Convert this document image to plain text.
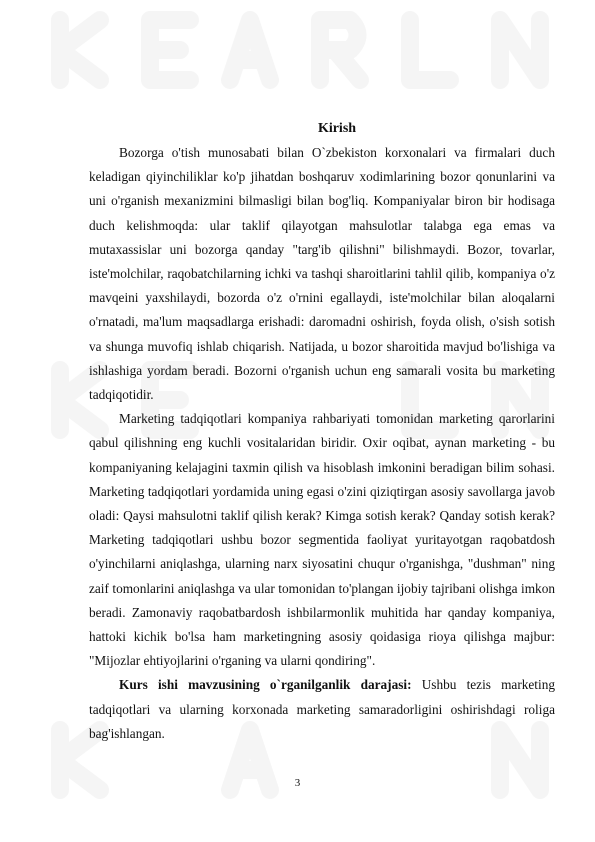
Kirish

Bozorga o'tish munosabati bilan O`zbekiston korxonalari va firmalari duch keladigan qiyinchiliklar ko'p jihatdan boshqaruv xodimlarining bozor qonunlarini va uni o'rganish mexanizmini bilmasligi bilan bog'liq. Kompaniyalar biron bir hodisaga duch kelishmoqda: ular taklif qilayotgan mahsulotlar talabga ega emas va mutaxassislar uni bozorga qanday "targ'ib qilishni" bilishmaydi. Bozor, tovarlar, iste'molchilar, raqobatchilarning ichki va tashqi sharoitlarini tahlil qilib, kompaniya o'z mavqeini yaxshilaydi, bozorda o'z o'rnini egallaydi, iste'molchilar bilan aloqalarni o'rnatadi, ma'lum maqsadlarga erishadi: daromadni oshirish, foyda olish, o'sish sotish va shunga muvofiq ishlab chiqarish. Natijada, u bozor sharoitida mavjud bo'lishiga va ishlashiga yordam beradi. Bozorni o'rganish uchun eng samarali vosita bu marketing tadqiqotidir.

Marketing tadqiqotlari kompaniya rahbariyati tomonidan marketing qarorlarini qabul qilishning eng kuchli vositalaridan biridir. Oxir oqibat, aynan marketing - bu kompaniyaning kelajagini taxmin qilish va hisoblash imkonini beradigan bilim sohasi. Marketing tadqiqotlari yordamida uning egasi o'zini qiziqtirgan asosiy savollarga javob oladi: Qaysi mahsulotni taklif qilish kerak? Kimga sotish kerak? Qanday sotish kerak? Marketing tadqiqotlari ushbu bozor segmentida faoliyat yuritayotgan raqobatdosh o'yinchilarni aniqlashga, ularning narx siyosatini chuqur o'rganishga, "dushman" ning zaif tomonlarini aniqlashga va ular tomonidan to'plangan ijobiy tajribani olishga imkon beradi. Zamonaviy raqobatbardosh ishbilarmonlik muhitida har qanday kompaniya, hattoki kichik bo'lsa ham marketingning asosiy qoidasiga rioya qilishga majbur: "Mijozlar ehtiyojlarini o'rganing va ularni qondiring".

Kurs ishi mavzusining o`rganilganlik darajasi: Ushbu tezis marketing tadqiqotlari va ularning korxonada marketing samaradorligini oshirishdagi roliga bag'ishlangan.

3
